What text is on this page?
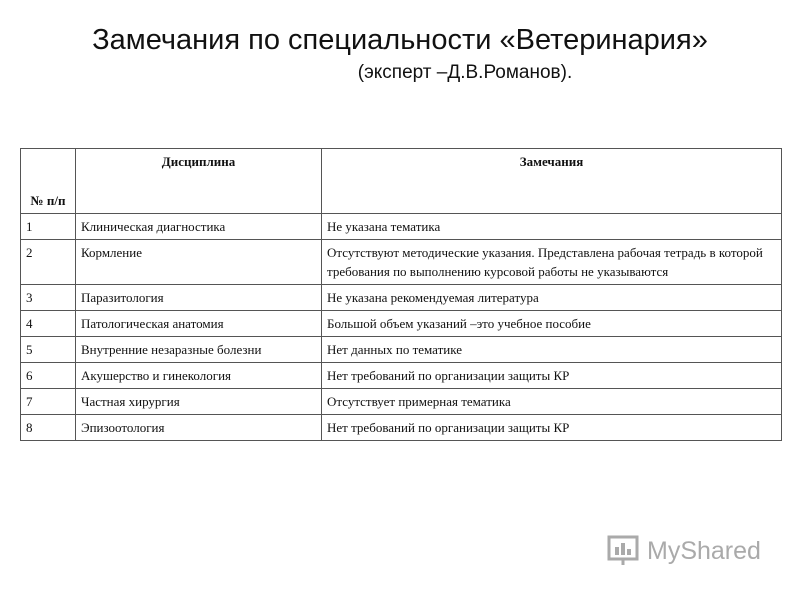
Замечания по специальности «Ветеринария»
(эксперт –Д.В.Романов).
№ п/п	Дисциплина	Замечания
1	Клиническая диагностика	Не указана тематика
2	Кормление	Отсутствуют методические указания. Представлена рабочая тетрадь в которой требования по выполнению курсовой работы не указываются
3	Паразитология	Не указана рекомендуемая литература
4	Патологическая анатомия	Большой объем указаний –это учебное пособие
5	Внутренние незаразные болезни	Нет данных по тематике
6	Акушерство и гинекология	Нет требований по организации защиты КР
7	Частная хирургия	Отсутствует примерная тематика
8	Эпизоотология	Нет требований по организации защиты КР
MyShared
